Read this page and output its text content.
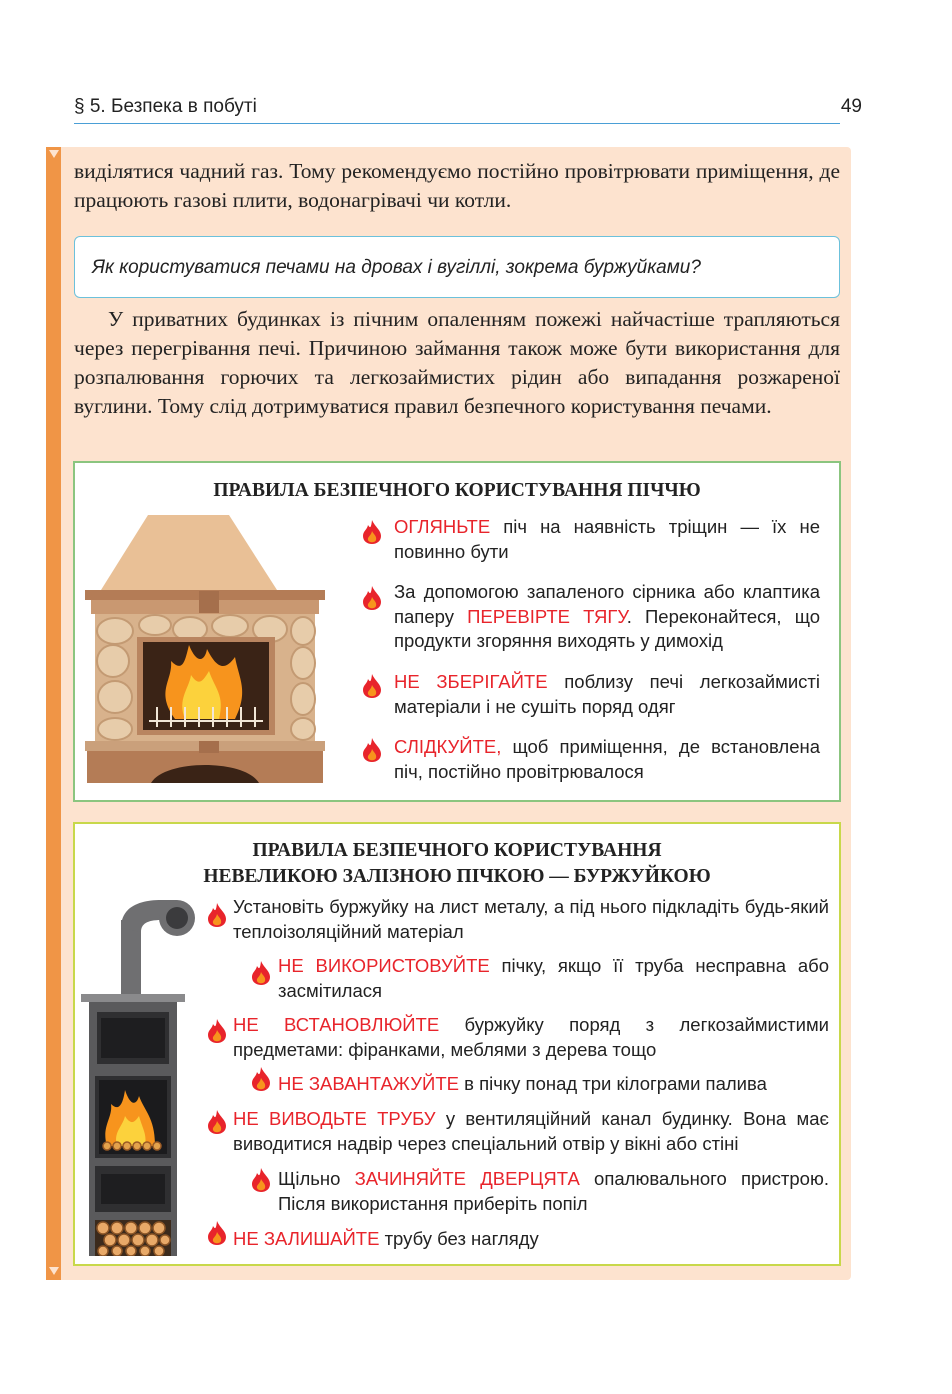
§ 5. Безпека в побуті	49
виділятися чадний газ. Тому рекомендуємо постійно провітрювати приміщення, де працюють газові плити, водонагрівачі чи котли.
Як користуватися печами на дровах і вугіллі, зокрема буржуйками?
У приватних будинках із пічним опаленням пожежі найчастіше трапляються через перегрівання печі. Причиною займання також може бути використання для розпалювання горючих та легкозаймистих рідин або випадання розжареної вуглини. Тому слід дотримуватися правил безпечного користування печами.
ПРАВИЛА БЕЗПЕЧНОГО КОРИСТУВАННЯ ПІЧЧЮ
ОГЛЯНЬТЕ піч на наявність тріщин — їх не повинно бути
За допомогою запаленого сірника або клаптика паперу ПЕРЕВІРТЕ ТЯГУ. Переконайтеся, що продукти згоряння виходять у димохід
НЕ ЗБЕРІГАЙТЕ поблизу печі легкозаймисті матеріали і не сушіть поряд одяг
СЛІДКУЙТЕ, щоб приміщення, де встановлена піч, постійно провітрювалося
ПРАВИЛА БЕЗПЕЧНОГО КОРИСТУВАННЯ
НЕВЕЛИКОЮ ЗАЛІЗНОЮ ПІЧКОЮ — БУРЖУЙКОЮ
Установіть буржуйку на лист металу, а під нього підкладіть будь-який теплоізоляційний матеріал
НЕ ВИКОРИСТОВУЙТЕ пічку, якщо її труба несправна або засмітилася
НЕ ВСТАНОВЛЮЙТЕ буржуйку поряд з легкозаймистими предметами: фіранками, меблями з дерева тощо
НЕ ЗАВАНТАЖУЙТЕ в пічку понад три кілограми палива
НЕ ВИВОДЬТЕ ТРУБУ у вентиляційний канал будинку. Вона має виводитися надвір через спеціальний отвір у вікні або стіні
Щільно ЗАЧИНЯЙТЕ ДВЕРЦЯТА опалювального пристрою. Після використання приберіть попіл
НЕ ЗАЛИШАЙТЕ трубу без нагляду
